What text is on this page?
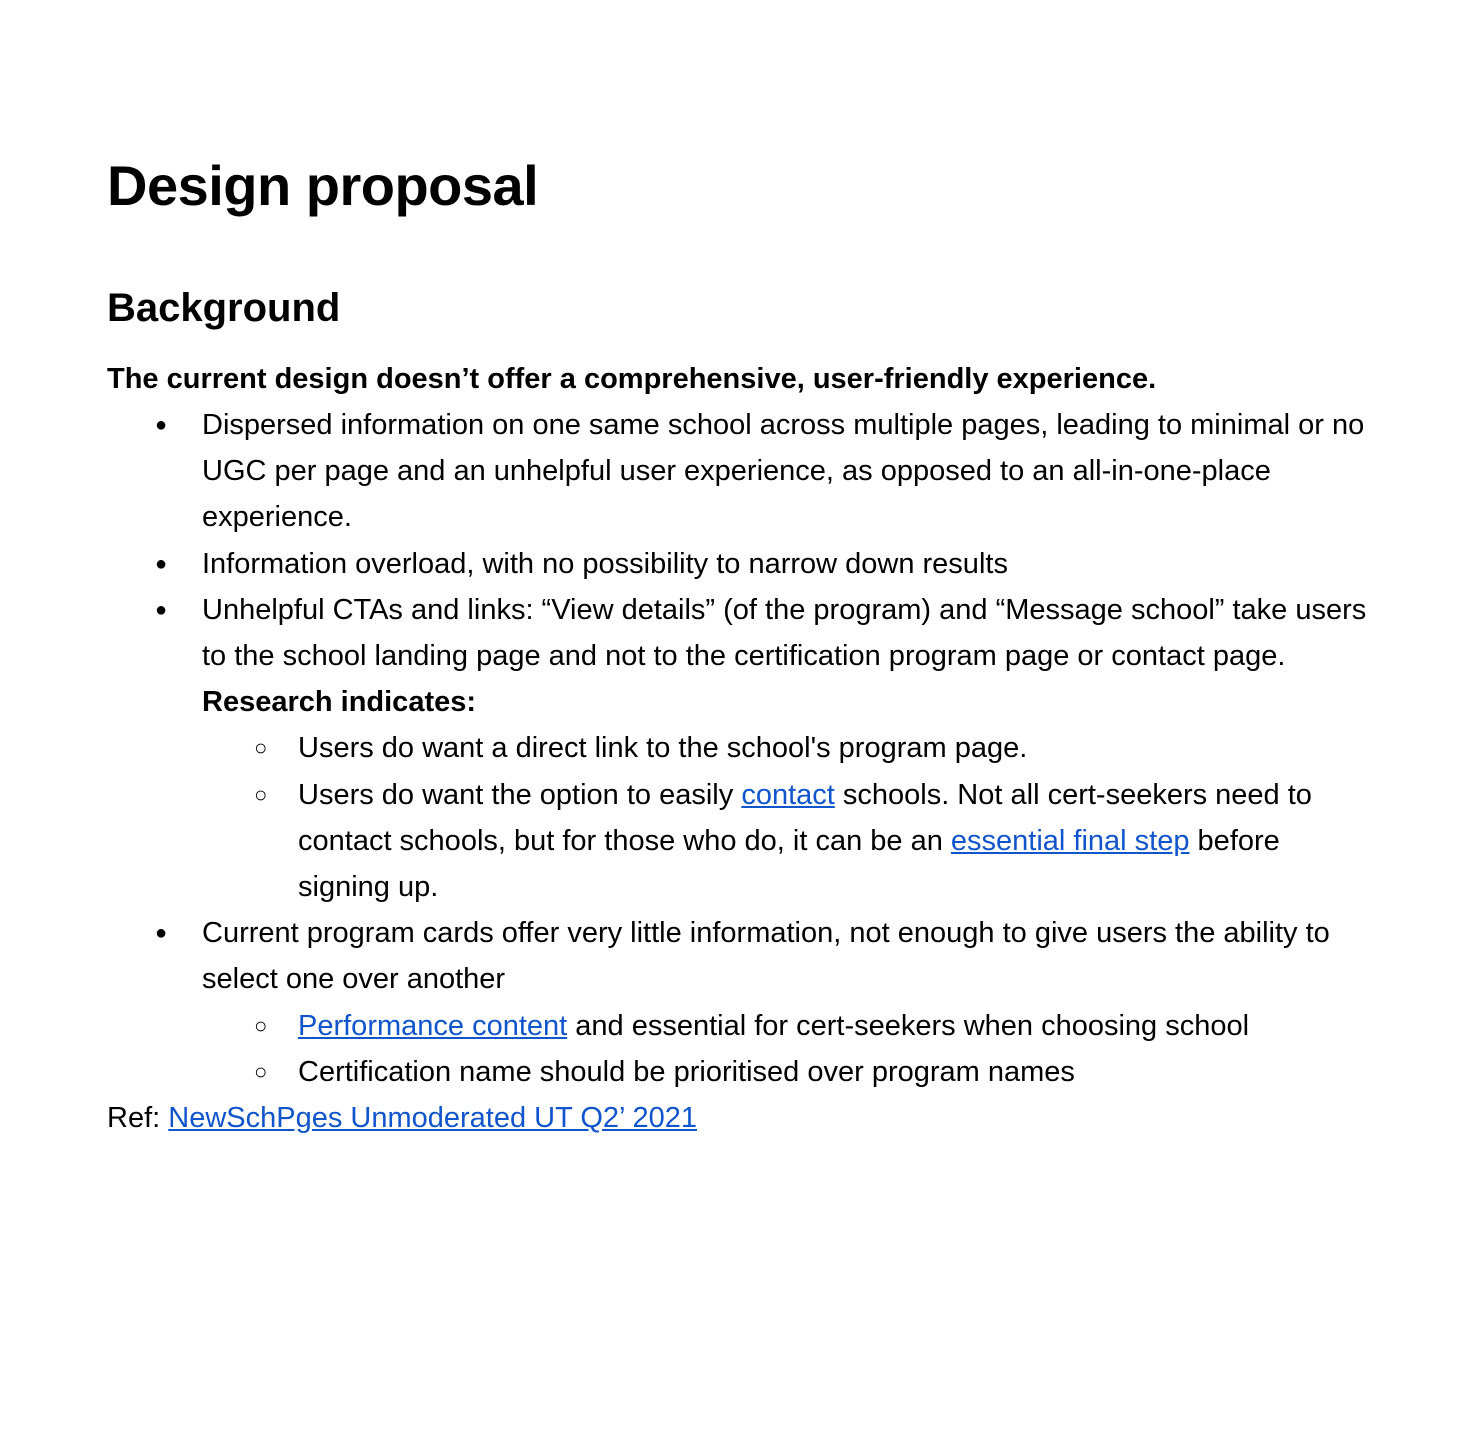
Design proposal
Background
The current design doesn’t offer a comprehensive, user-friendly experience.
● Dispersed information on one same school across multiple pages, leading to minimal or no UGC per page and an unhelpful user experience, as opposed to an all-in-one-place experience.
● Information overload, with no possibility to narrow down results
● Unhelpful CTAs and links: “View details” (of the program) and “Message school” take users to the school landing page and not to the certification program page or contact page.
Research indicates:
○ Users do want a direct link to the school's program page.
○ Users do want the option to easily contact schools. Not all cert-seekers need to contact schools, but for those who do, it can be an essential final step before signing up.
● Current program cards offer very little information, not enough to give users the ability to select one over another
○ Performance content and essential for cert-seekers when choosing school
○ Certification name should be prioritised over program names
Ref: NewSchPges Unmoderated UT Q2’ 2021
